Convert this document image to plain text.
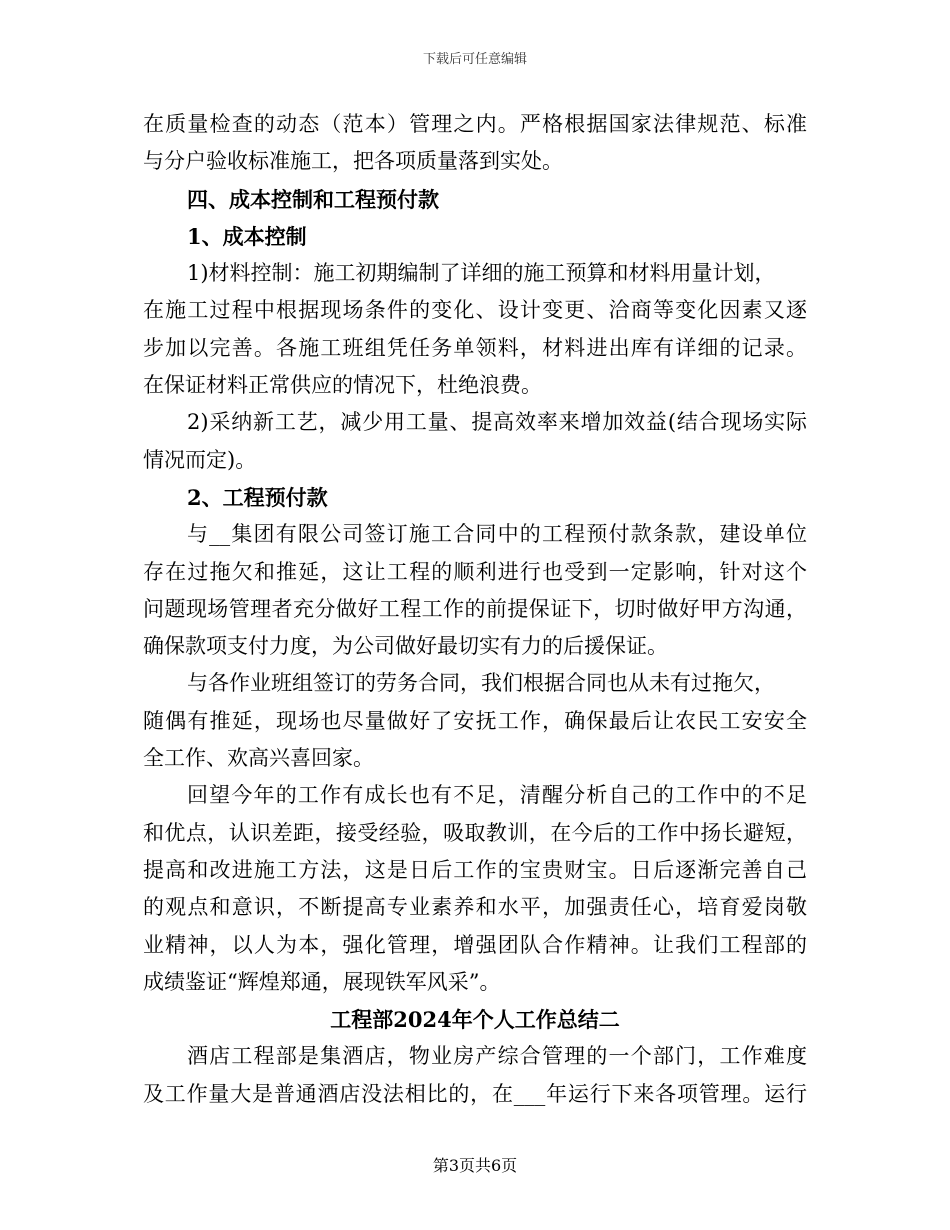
下载后可任意编辑
在质量检查的动态（范本）管理之内。严格根据国家法律规范、标准
与分户验收标准施工，把各项质量落到实处。
四、成本控制和工程预付款
1、成本控制
1)材料控制：施工初期编制了详细的施工预算和材料用量计划，
在施工过程中根据现场条件的变化、设计变更、洽商等变化因素又逐
步加以完善。各施工班组凭任务单领料，材料进出库有详细的记录。
在保证材料正常供应的情况下，杜绝浪费。
2)采纳新工艺，减少用工量、提高效率来增加效益(结合现场实际
情况而定)。
2、工程预付款
与__集团有限公司签订施工合同中的工程预付款条款，建设单位
存在过拖欠和推延，这让工程的顺利进行也受到一定影响，针对这个
问题现场管理者充分做好工程工作的前提保证下，切时做好甲方沟通，
确保款项支付力度，为公司做好最切实有力的后援保证。
与各作业班组签订的劳务合同，我们根据合同也从未有过拖欠，
随偶有推延，现场也尽量做好了安抚工作，确保最后让农民工安安全
全工作、欢高兴喜回家。
回望今年的工作有成长也有不足，清醒分析自己的工作中的不足
和优点，认识差距，接受经验，吸取教训，在今后的工作中扬长避短，
提高和改进施工方法，这是日后工作的宝贵财宝。日后逐渐完善自己
的观点和意识，不断提高专业素养和水平，加强责任心，培育爱岗敬
业精神，以人为本，强化管理，增强团队合作精神。让我们工程部的
成绩鉴证“辉煌郑通，展现铁军风采”。
工程部2024年个人工作总结二
酒店工程部是集酒店，物业房产综合管理的一个部门，工作难度
及工作量大是普通酒店没法相比的，在___年运行下来各项管理。运行
第3页共6页
